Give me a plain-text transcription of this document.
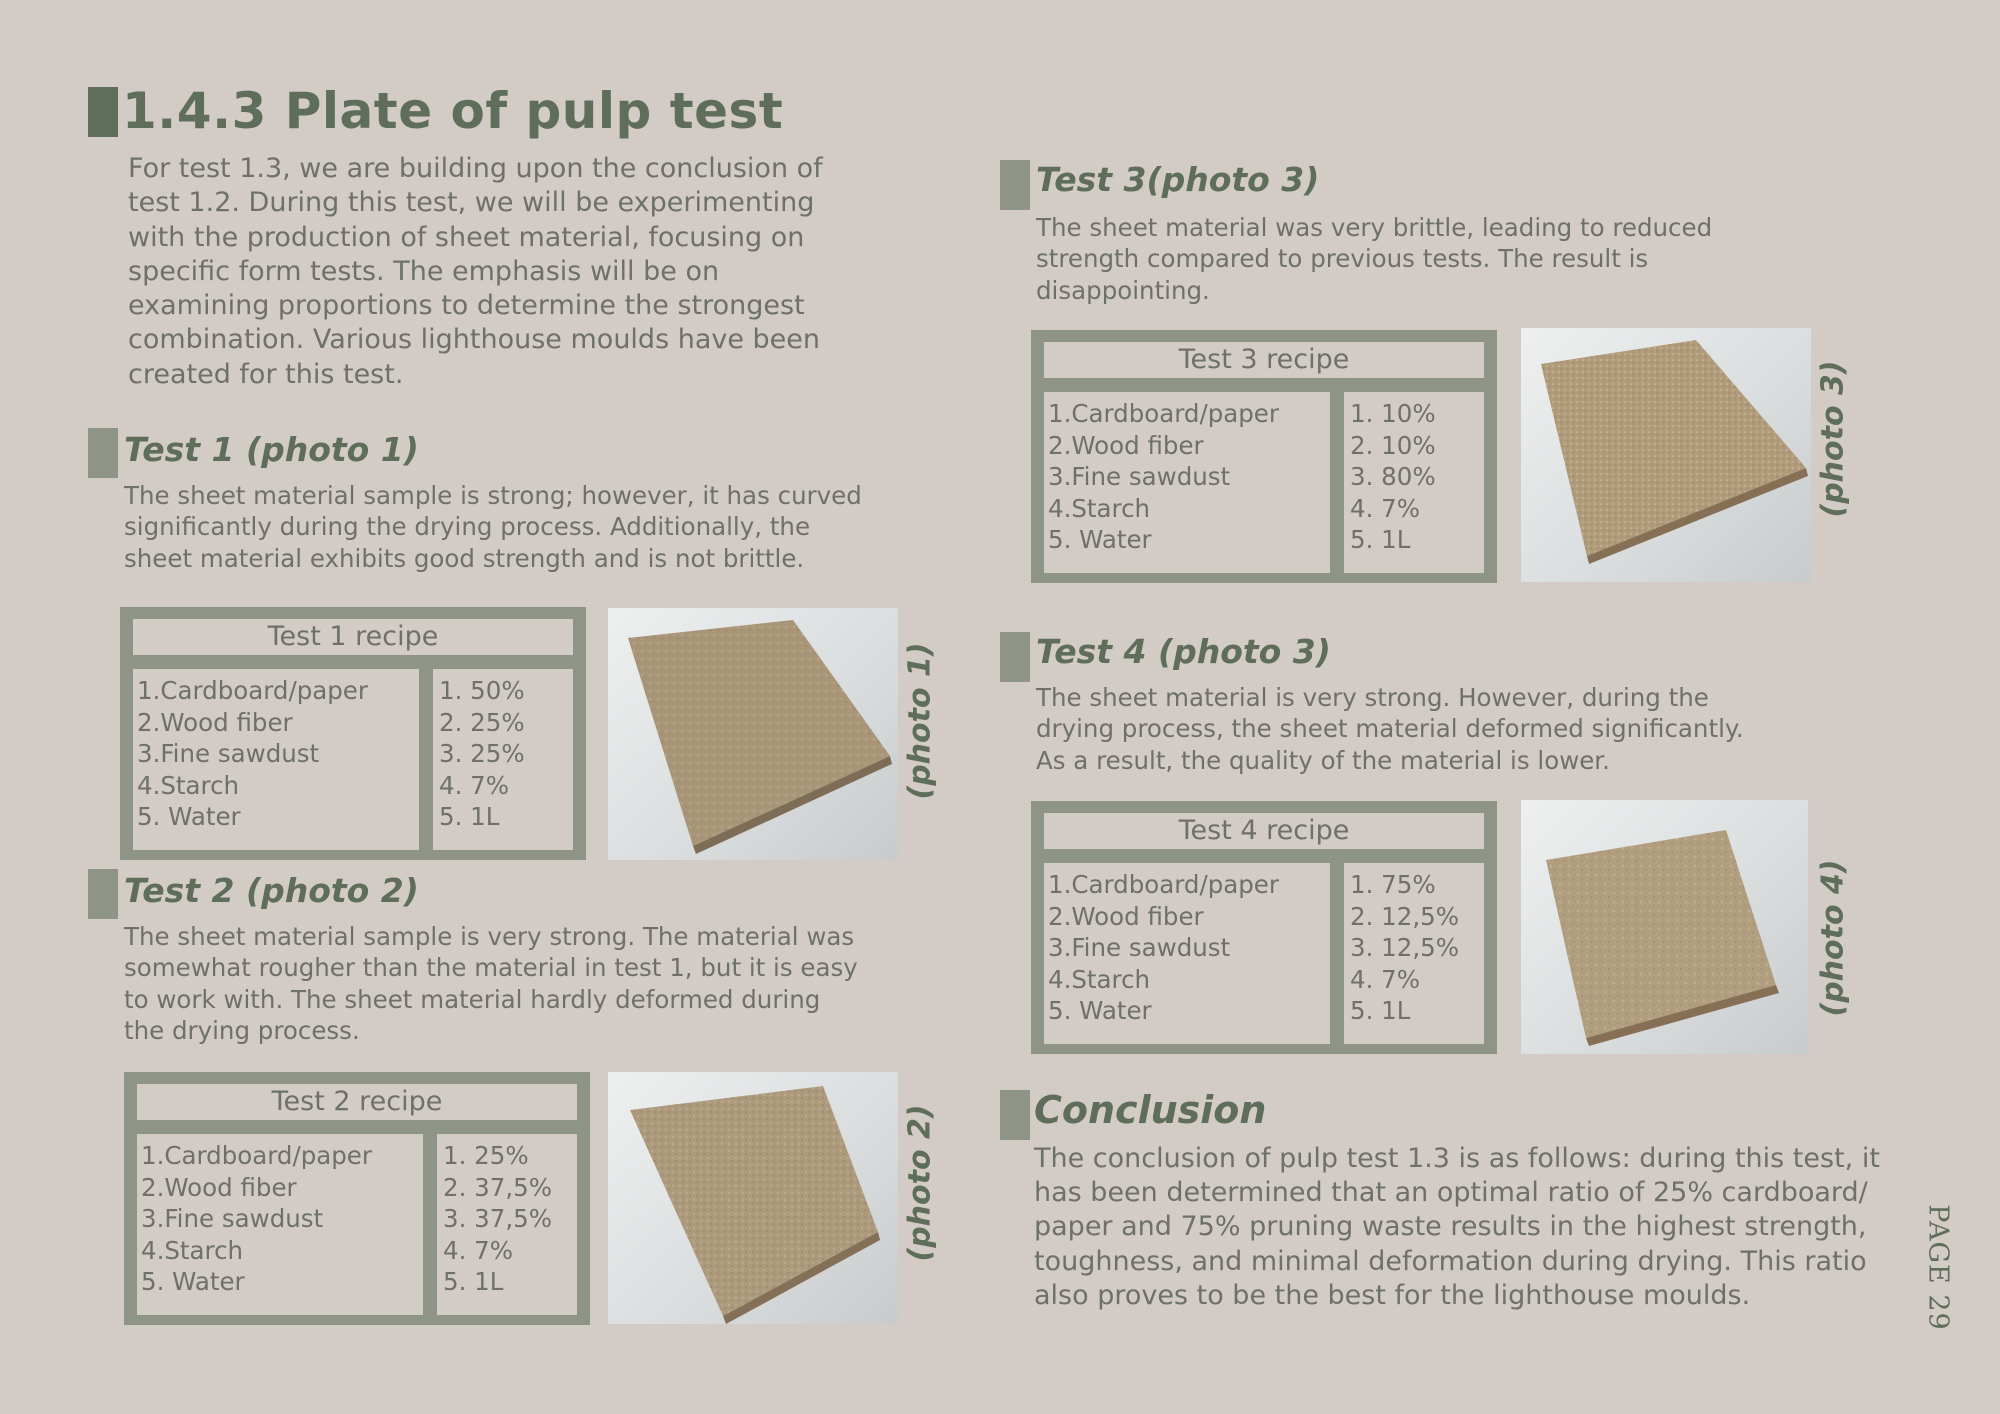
1.4.3 Plate of pulp test

For test 1.3, we are building upon the conclusion of
test 1.2. During this test, we will be experimenting
with the production of sheet material, focusing on
specific form tests. The emphasis will be on
examining proportions to determine the strongest
combination. Various lighthouse moulds have been
created for this test.

Test 1 (photo 1)

The sheet material sample is strong; however, it has curved
significantly during the drying process. Additionally, the
sheet material exhibits good strength and is not brittle.

Test 1 recipe
1.Cardboard/paper
2.Wood fiber
3.Fine sawdust
4.Starch
5. Water
1. 50%
2. 25%
3. 25%
4. 7%
5. 1L
(photo 1)
Test 2 (photo 2)

The sheet material sample is very strong. The material was
somewhat rougher than the material in test 1, but it is easy
to work with. The sheet material hardly deformed during
the drying process.

Test 2 recipe
1.Cardboard/paper
2.Wood fiber
3.Fine sawdust
4.Starch
5. Water
1. 25%
2. 37,5%
3. 37,5%
4. 7%
5. 1L
(photo 2)
Test 3(photo 3)

The sheet material was very brittle, leading to reduced
strength compared to previous tests. The result is
disappointing.

Test 3 recipe
1.Cardboard/paper
2.Wood fiber
3.Fine sawdust
4.Starch
5. Water
1. 10%
2. 10%
3. 80%
4. 7%
5. 1L
(photo 3)
Test 4 (photo 3)

The sheet material is very strong. However, during the
drying process, the sheet material deformed significantly.
As a result, the quality of the material is lower.

Test 4 recipe
1.Cardboard/paper
2.Wood fiber
3.Fine sawdust
4.Starch
5. Water
1. 75%
2. 12,5%
3. 12,5%
4. 7%
5. 1L	(photo 4)
Conclusion

The conclusion of pulp test 1.3 is as follows: during this test, it
has been determined that an optimal ratio of 25% cardboard/
paper and 75% pruning waste results in the highest strength,
toughness, and minimal deformation during drying. This ratio
also proves to be the best for the lighthouse moulds.	PAGE 29
